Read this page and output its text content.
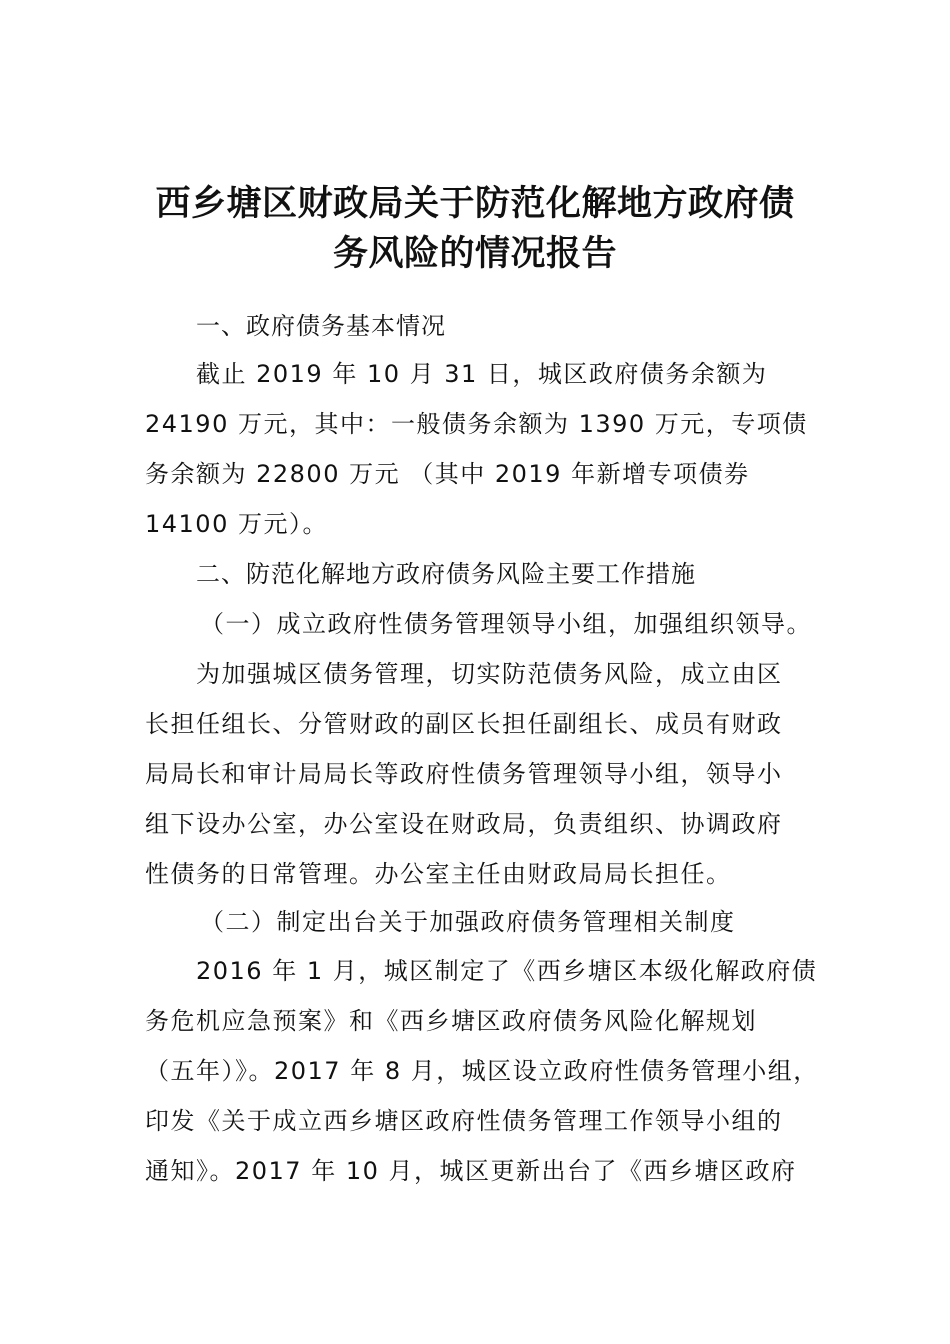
西乡塘区财政局关于防范化解地方政府债
务风险的情况报告
一、政府债务基本情况
截止 2019 年 10 月 31 日，城区政府债务余额为
24190 万元，其中：一般债务余额为 1390 万元，专项债
务余额为 22800 万元 （其中 2019 年新增专项债券
14100 万元）。
二、防范化解地方政府债务风险主要工作措施
（一）成立政府性债务管理领导小组，加强组织领导。
为加强城区债务管理，切实防范债务风险，成立由区
长担任组长、分管财政的副区长担任副组长、成员有财政
局局长和审计局局长等政府性债务管理领导小组，领导小
组下设办公室，办公室设在财政局，负责组织、协调政府
性债务的日常管理。办公室主任由财政局局长担任。
（二）制定出台关于加强政府债务管理相关制度
2016 年 1 月，城区制定了《西乡塘区本级化解政府债
务危机应急预案》和《西乡塘区政府债务风险化解规划
（五年）》。2017 年 8 月，城区设立政府性债务管理小组，
印发《关于成立西乡塘区政府性债务管理工作领导小组的
通知》。2017 年 10 月，城区更新出台了《西乡塘区政府
